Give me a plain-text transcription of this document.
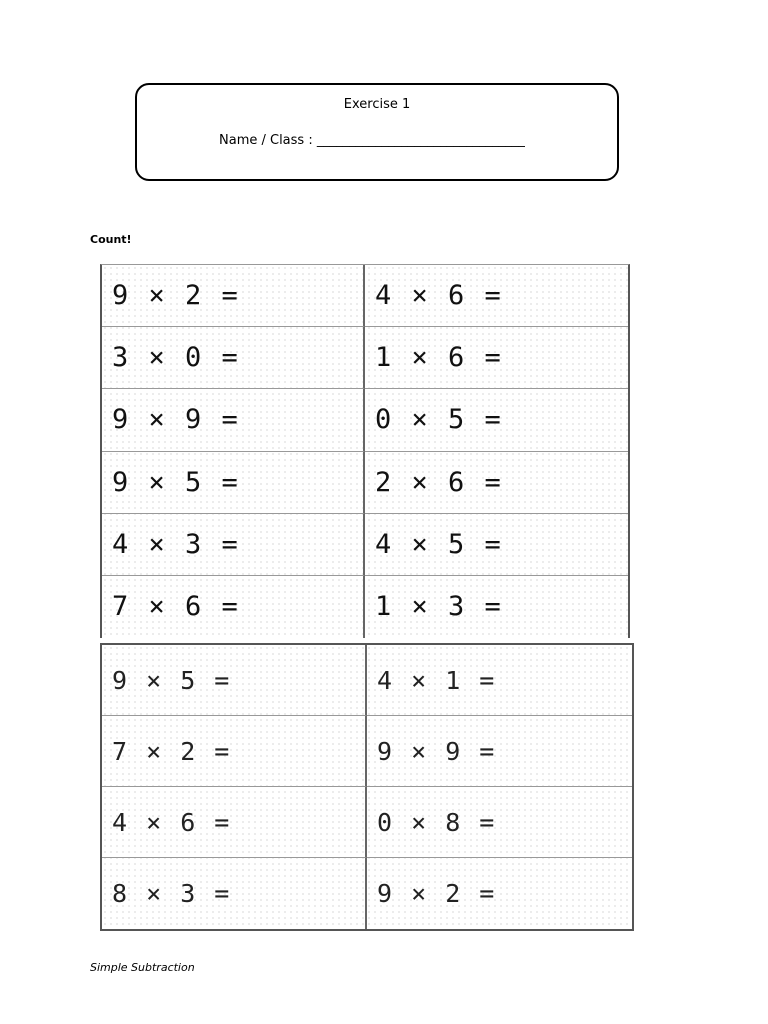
Exercise 1
Name / Class : ________________________________
Count!
9 × 2 =	4 × 6 =
3 × 0 =	1 × 6 =
9 × 9 =	0 × 5 =
9 × 5 =	2 × 6 =
4 × 3 =	4 × 5 =
7 × 6 =	1 × 3 =
9 × 5 =	4 × 1 =
7 × 2 =	9 × 9 =
4 × 6 =	0 × 8 =
8 × 3 =	9 × 2 =
Simple Subtraction
